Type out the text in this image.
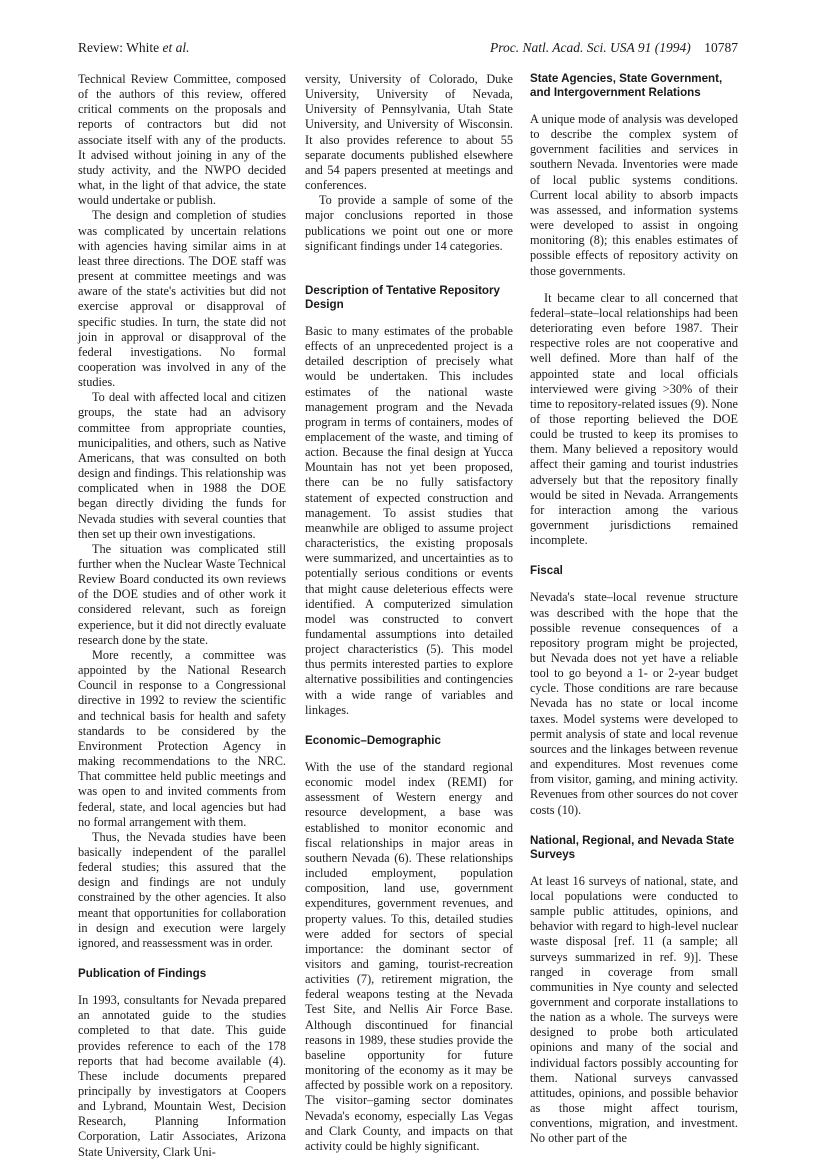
Review: White et al.	Proc. Natl. Acad. Sci. USA 91 (1994) 10787

Technical Review Committee, composed of the authors of this review, offered critical comments on the proposals and reports of contractors but did not associate itself with any of the products. It advised without joining in any of the study activity, and the NWPO decided what, in the light of that advice, the state would undertake or publish.

The design and completion of studies was complicated by uncertain relations with agencies having similar aims in at least three directions. The DOE staff was present at committee meetings and was aware of the state's activities but did not exercise approval or disapproval of specific studies. In turn, the state did not join in approval or disapproval of the federal investigations. No formal cooperation was involved in any of the studies.

To deal with affected local and citizen groups, the state had an advisory committee from appropriate counties, municipalities, and others, such as Native Americans, that was consulted on both design and findings. This relationship was complicated when in 1988 the DOE began directly dividing the funds for Nevada studies with several counties that then set up their own investigations.

The situation was complicated still further when the Nuclear Waste Technical Review Board conducted its own reviews of the DOE studies and of other work it considered relevant, such as foreign experience, but it did not directly evaluate research done by the state.

More recently, a committee was appointed by the National Research Council in response to a Congressional directive in 1992 to review the scientific and technical basis for health and safety standards to be considered by the Environment Protection Agency in making recommendations to the NRC. That committee held public meetings and was open to and invited comments from federal, state, and local agencies but had no formal arrangement with them.

Thus, the Nevada studies have been basically independent of the parallel federal studies; this assured that the design and findings are not unduly constrained by the other agencies. It also meant that opportunities for collaboration in design and execution were largely ignored, and reassessment was in order.

Publication of Findings

In 1993, consultants for Nevada prepared an annotated guide to the studies completed to that date. This guide provides reference to each of the 178 reports that had become available (4). These include documents prepared principally by investigators at Coopers and Lybrand, Mountain West, Decision Research, Planning Information Corporation, Latir Associates, Arizona State University, Clark Uni-

versity, University of Colorado, Duke University, University of Nevada, University of Pennsylvania, Utah State University, and University of Wisconsin. It also provides reference to about 55 separate documents published elsewhere and 54 papers presented at meetings and conferences.

To provide a sample of some of the major conclusions reported in those publications we point out one or more significant findings under 14 categories.

Description of Tentative Repository Design

Basic to many estimates of the probable effects of an unprecedented project is a detailed description of precisely what would be undertaken. This includes estimates of the national waste management program and the Nevada program in terms of containers, modes of emplacement of the waste, and timing of action. Because the final design at Yucca Mountain has not yet been proposed, there can be no fully satisfactory statement of expected construction and management. To assist studies that meanwhile are obliged to assume project characteristics, the existing proposals were summarized, and uncertainties as to potentially serious conditions or events that might cause deleterious effects were identified. A computerized simulation model was constructed to convert fundamental assumptions into detailed project characteristics (5). This model thus permits interested parties to explore alternative possibilities and contingencies with a wide range of variables and linkages.

Economic–Demographic

With the use of the standard regional economic model index (REMI) for assessment of Western energy and resource development, a base was established to monitor economic and fiscal relationships in major areas in southern Nevada (6). These relationships included employment, population composition, land use, government expenditures, government revenues, and property values. To this, detailed studies were added for sectors of special importance: the dominant sector of visitors and gaming, tourist-recreation activities (7), retirement migration, the federal weapons testing at the Nevada Test Site, and Nellis Air Force Base. Although discontinued for financial reasons in 1989, these studies provide the baseline opportunity for future monitoring of the economy as it may be affected by possible work on a repository. The visitor–gaming sector dominates Nevada's economy, especially Las Vegas and Clark County, and impacts on that activity could be highly significant.

State Agencies, State Government, and Intergovernment Relations

A unique mode of analysis was developed to describe the complex system of government facilities and services in southern Nevada. Inventories were made of local public systems conditions. Current local ability to absorb impacts was assessed, and information systems were developed to assist in ongoing monitoring (8); this enables estimates of possible effects of repository activity on those governments.

It became clear to all concerned that federal–state–local relationships had been deteriorating even before 1987. Their respective roles are not cooperative and well defined. More than half of the appointed state and local officials interviewed were giving >30% of their time to repository-related issues (9). None of those reporting believed the DOE could be trusted to keep its promises to them. Many believed a repository would affect their gaming and tourist industries adversely but that the repository finally would be sited in Nevada. Arrangements for interaction among the various government jurisdictions remained incomplete.

Fiscal

Nevada's state–local revenue structure was described with the hope that the possible revenue consequences of a repository program might be projected, but Nevada does not yet have a reliable tool to go beyond a 1- or 2-year budget cycle. Those conditions are rare because Nevada has no state or local income taxes. Model systems were developed to permit analysis of state and local revenue sources and the linkages between revenue and expenditures. Most revenues come from visitor, gaming, and mining activity. Revenues from other sources do not cover costs (10).

National, Regional, and Nevada State Surveys

At least 16 surveys of national, state, and local populations were conducted to sample public attitudes, opinions, and behavior with regard to high-level nuclear waste disposal [ref. 11 (a sample; all surveys summarized in ref. 9)]. These ranged in coverage from small communities in Nye county and selected government and corporate installations to the nation as a whole. The surveys were designed to probe both articulated opinions and many of the social and individual factors possibly accounting for them. National surveys canvassed attitudes, opinions, and possible behavior as those might affect tourism, conventions, migration, and investment. No other part of the
